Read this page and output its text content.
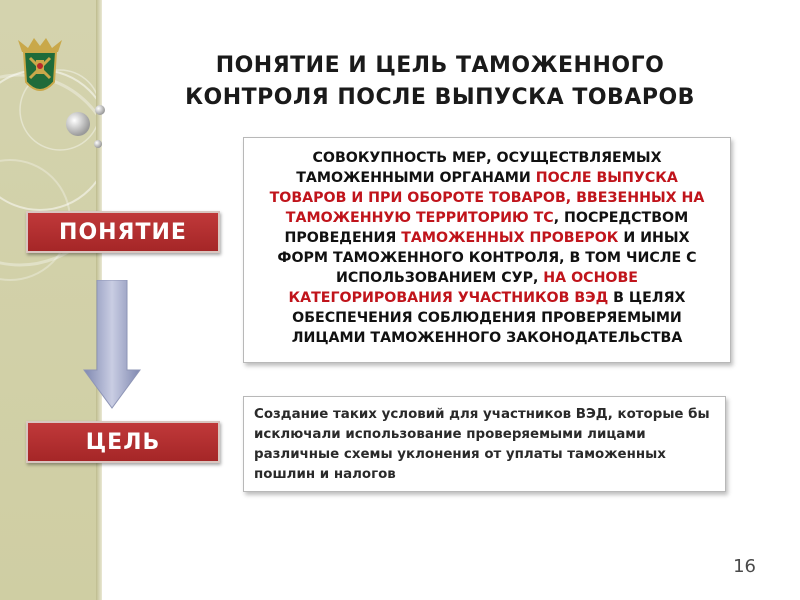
ПОНЯТИЕ И ЦЕЛЬ ТАМОЖЕННОГО
КОНТРОЛЯ ПОСЛЕ ВЫПУСКА ТОВАРОВ
ПОНЯТИЕ
ЦЕЛЬ
СОВОКУПНОСТЬ МЕР, ОСУЩЕСТВЛЯЕМЫХ ТАМОЖЕННЫМИ ОРГАНАМИ ПОСЛЕ ВЫПУСКА ТОВАРОВ И ПРИ ОБОРОТЕ ТОВАРОВ, ВВЕЗЕННЫХ НА ТАМОЖЕННУЮ ТЕРРИТОРИЮ ТС, ПОСРЕДСТВОМ ПРОВЕДЕНИЯ ТАМОЖЕННЫХ ПРОВЕРОК И ИНЫХ ФОРМ ТАМОЖЕННОГО КОНТРОЛЯ, В ТОМ ЧИСЛЕ С ИСПОЛЬЗОВАНИЕМ СУР, НА ОСНОВЕ КАТЕГОРИРОВАНИЯ УЧАСТНИКОВ ВЭД В ЦЕЛЯХ ОБЕСПЕЧЕНИЯ СОБЛЮДЕНИЯ ПРОВЕРЯЕМЫМИ ЛИЦАМИ ТАМОЖЕННОГО ЗАКОНОДАТЕЛЬСТВА
Создание таких условий для участников ВЭД, которые бы исключали использование проверяемыми лицами различные схемы уклонения от уплаты таможенных пошлин и налогов
16
